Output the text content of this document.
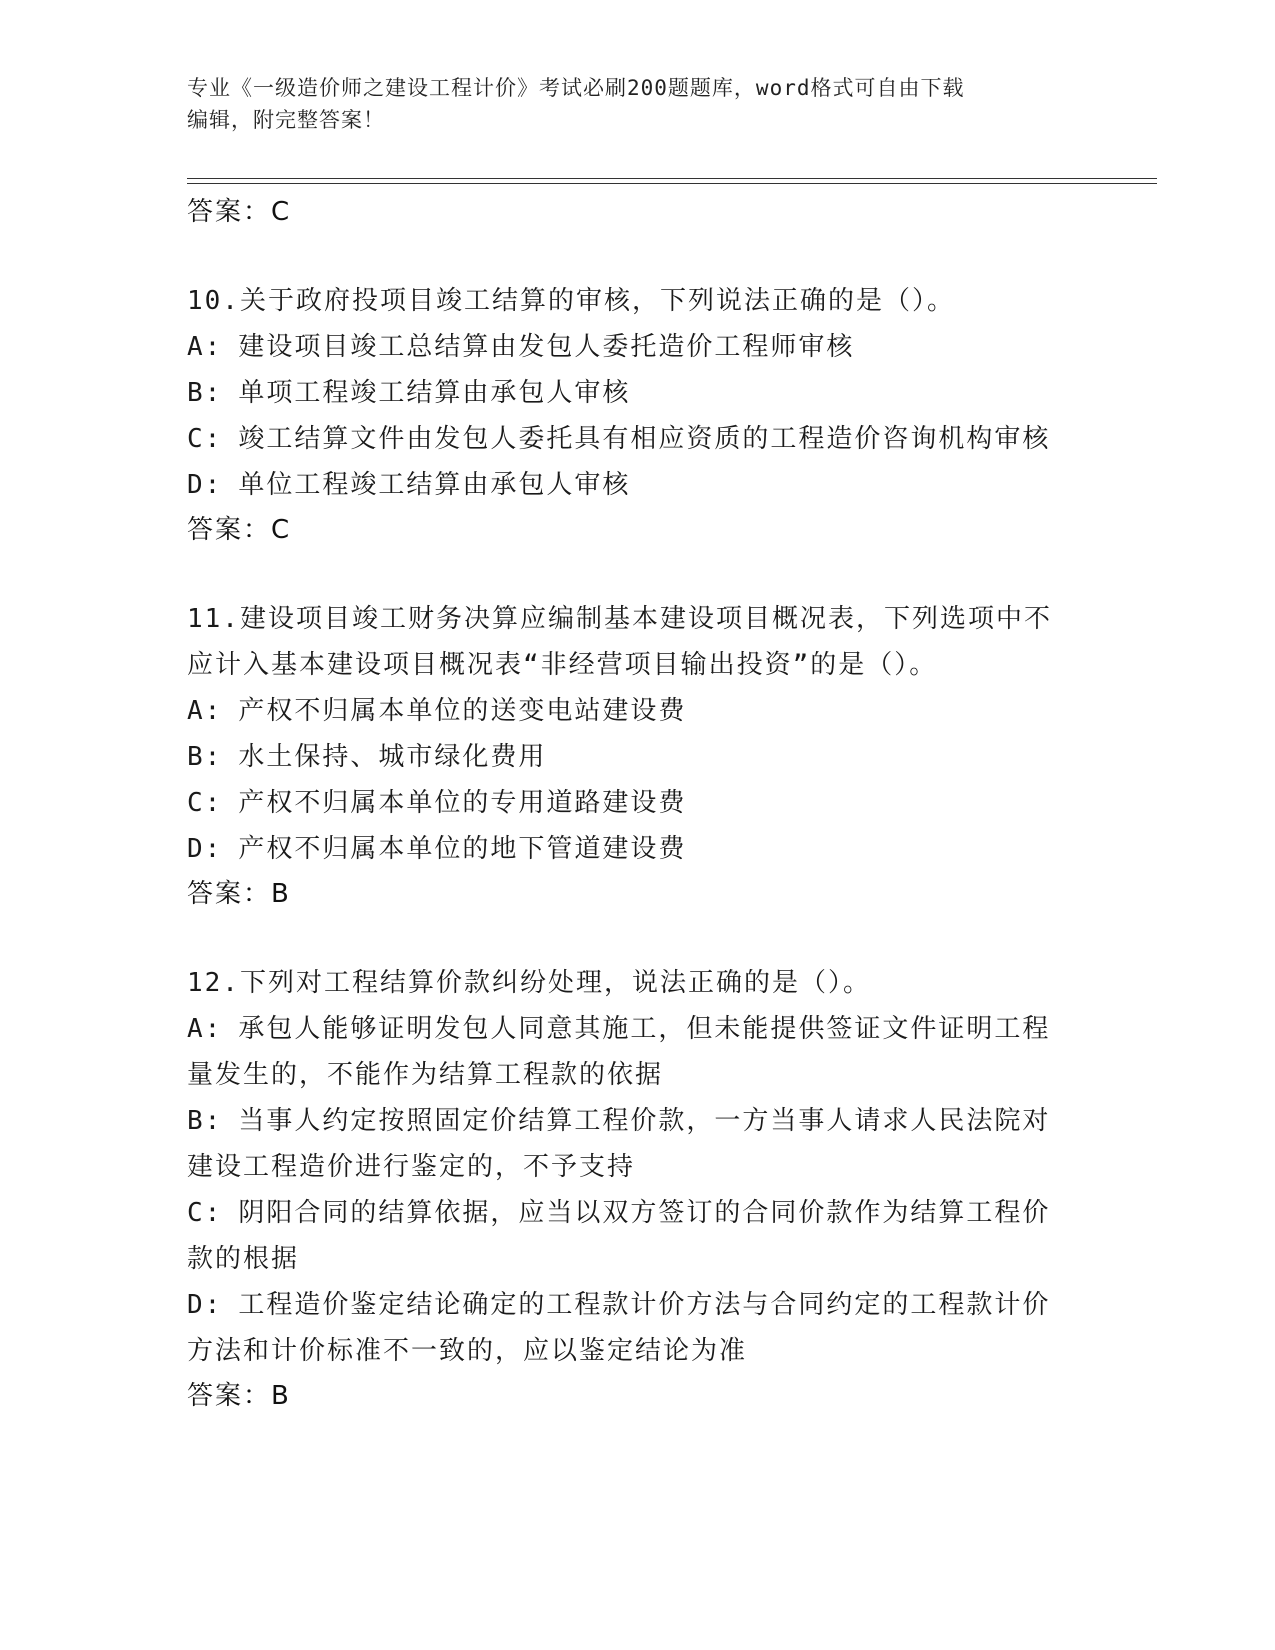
专业《一级造价师之建设工程计价》考试必刷200题题库，word格式可自由下载
编辑，附完整答案！
答案：C
10.关于政府投项目竣工结算的审核，下列说法正确的是（）。
A: 建设项目竣工总结算由发包人委托造价工程师审核
B: 单项工程竣工结算由承包人审核
C: 竣工结算文件由发包人委托具有相应资质的工程造价咨询机构审核
D: 单位工程竣工结算由承包人审核
答案：C
11.建设项目竣工财务决算应编制基本建设项目概况表，下列选项中不
应计入基本建设项目概况表“非经营项目输出投资”的是（）。
A: 产权不归属本单位的送变电站建设费
B: 水土保持、城市绿化费用
C: 产权不归属本单位的专用道路建设费
D: 产权不归属本单位的地下管道建设费
答案：B
12.下列对工程结算价款纠纷处理，说法正确的是（）。
A: 承包人能够证明发包人同意其施工，但未能提供签证文件证明工程
量发生的，不能作为结算工程款的依据
B: 当事人约定按照固定价结算工程价款，一方当事人请求人民法院对
建设工程造价进行鉴定的，不予支持
C: 阴阳合同的结算依据，应当以双方签订的合同价款作为结算工程价
款的根据
D: 工程造价鉴定结论确定的工程款计价方法与合同约定的工程款计价
方法和计价标准不一致的，应以鉴定结论为准
答案：B
